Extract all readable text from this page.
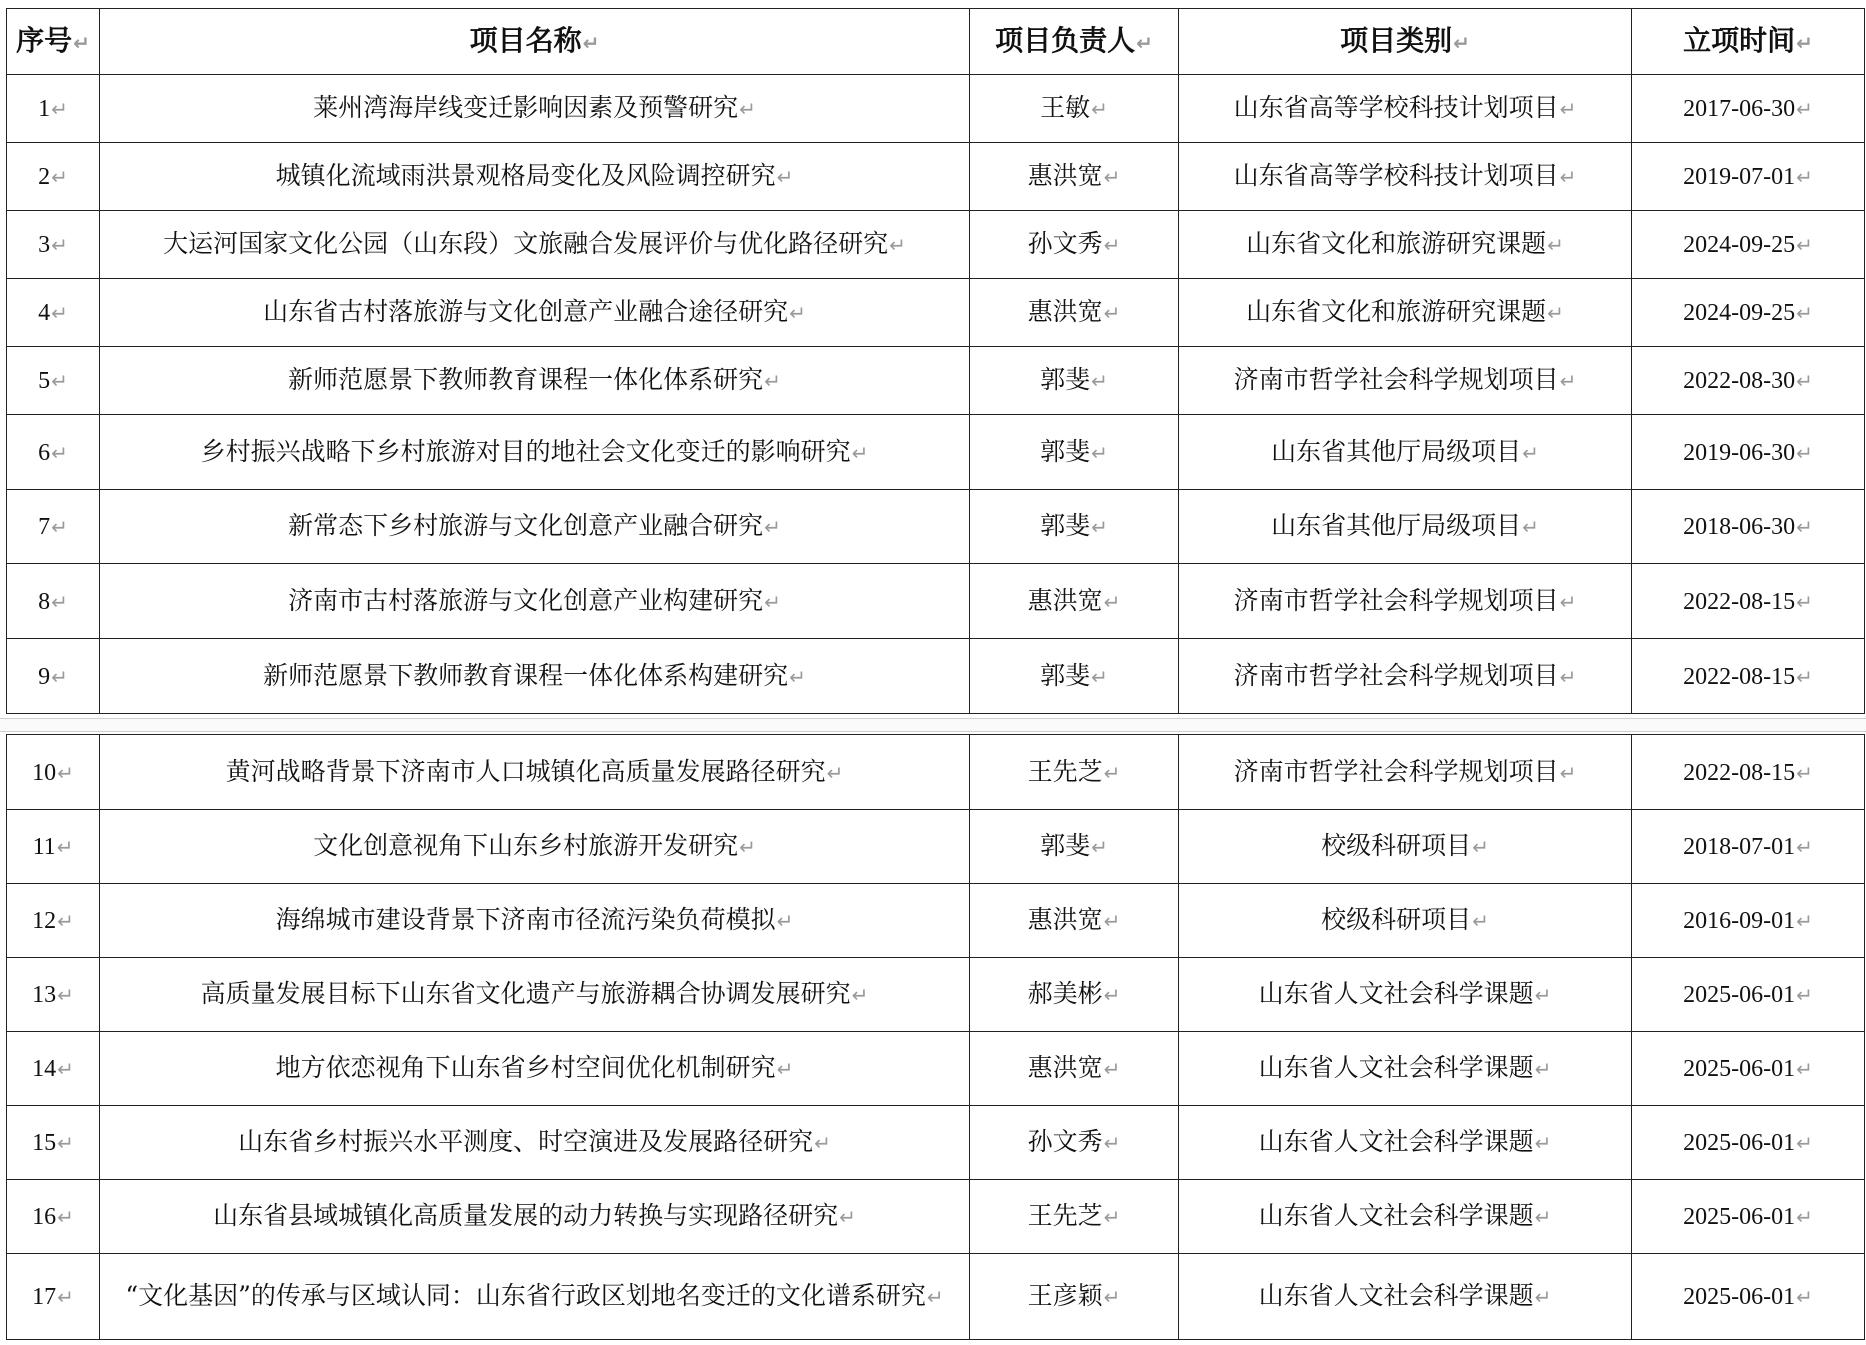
序号↵	项目名称↵	项目负责人↵	项目类别↵	立项时间↵
1↵	莱州湾海岸线变迁影响因素及预警研究↵	王敏↵	山东省高等学校科技计划项目↵	2017-06-30↵
2↵	城镇化流域雨洪景观格局变化及风险调控研究↵	惠洪宽↵	山东省高等学校科技计划项目↵	2019-07-01↵
3↵	大运河国家文化公园（山东段）文旅融合发展评价与优化路径研究↵	孙文秀↵	山东省文化和旅游研究课题↵	2024-09-25↵
4↵	山东省古村落旅游与文化创意产业融合途径研究↵	惠洪宽↵	山东省文化和旅游研究课题↵	2024-09-25↵
5↵	新师范愿景下教师教育课程一体化体系研究↵	郭斐↵	济南市哲学社会科学规划项目↵	2022-08-30↵
6↵	乡村振兴战略下乡村旅游对目的地社会文化变迁的影响研究↵	郭斐↵	山东省其他厅局级项目↵	2019-06-30↵
7↵	新常态下乡村旅游与文化创意产业融合研究↵	郭斐↵	山东省其他厅局级项目↵	2018-06-30↵
8↵	济南市古村落旅游与文化创意产业构建研究↵	惠洪宽↵	济南市哲学社会科学规划项目↵	2022-08-15↵
9↵	新师范愿景下教师教育课程一体化体系构建研究↵	郭斐↵	济南市哲学社会科学规划项目↵	2022-08-15↵
10↵	黄河战略背景下济南市人口城镇化高质量发展路径研究↵	王先芝↵	济南市哲学社会科学规划项目↵	2022-08-15↵
11↵	文化创意视角下山东乡村旅游开发研究↵	郭斐↵	校级科研项目↵	2018-07-01↵
12↵	海绵城市建设背景下济南市径流污染负荷模拟↵	惠洪宽↵	校级科研项目↵	2016-09-01↵
13↵	高质量发展目标下山东省文化遗产与旅游耦合协调发展研究↵	郝美彬↵	山东省人文社会科学课题↵	2025-06-01↵
14↵	地方依恋视角下山东省乡村空间优化机制研究↵	惠洪宽↵	山东省人文社会科学课题↵	2025-06-01↵
15↵	山东省乡村振兴水平测度、时空演进及发展路径研究↵	孙文秀↵	山东省人文社会科学课题↵	2025-06-01↵
16↵	山东省县域城镇化高质量发展的动力转换与实现路径研究↵	王先芝↵	山东省人文社会科学课题↵	2025-06-01↵
17↵	“文化基因”的传承与区域认同：山东省行政区划地名变迁的文化谱系研究↵	王彦颖↵	山东省人文社会科学课题↵	2025-06-01↵
